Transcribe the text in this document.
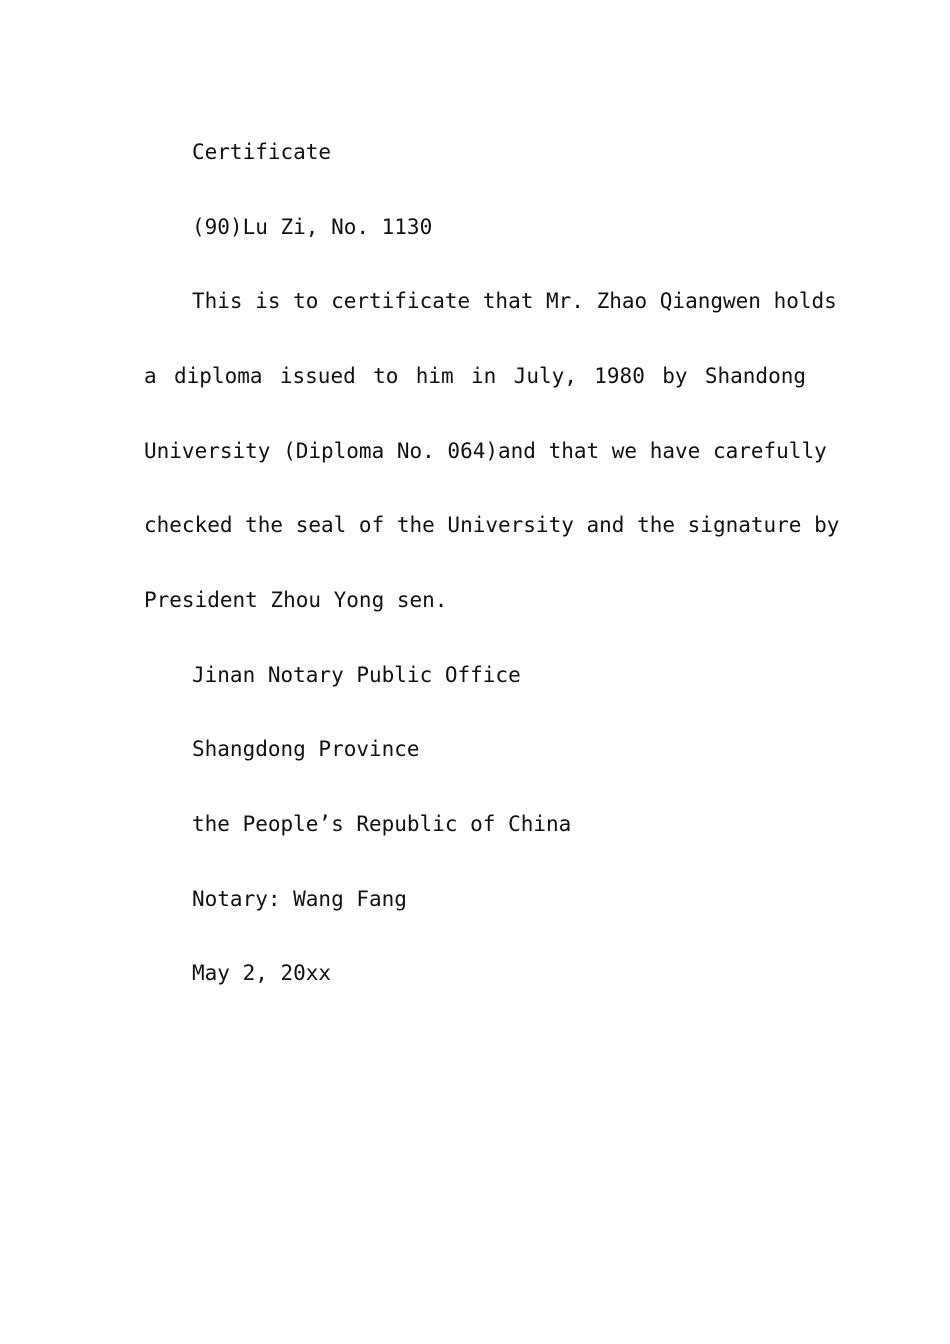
Certificate
(90)Lu Zi, No. 1130
This is to certificate that Mr. Zhao Qiangwen holds
a diploma issued to him in July, 1980 by Shandong
University (Diploma No. 064)and that we have carefully
checked the seal of the University and the signature by
President Zhou Yong sen.
Jinan Notary Public Office
Shangdong Province
the People’s Republic of China
Notary: Wang Fang
May 2, 20xx
